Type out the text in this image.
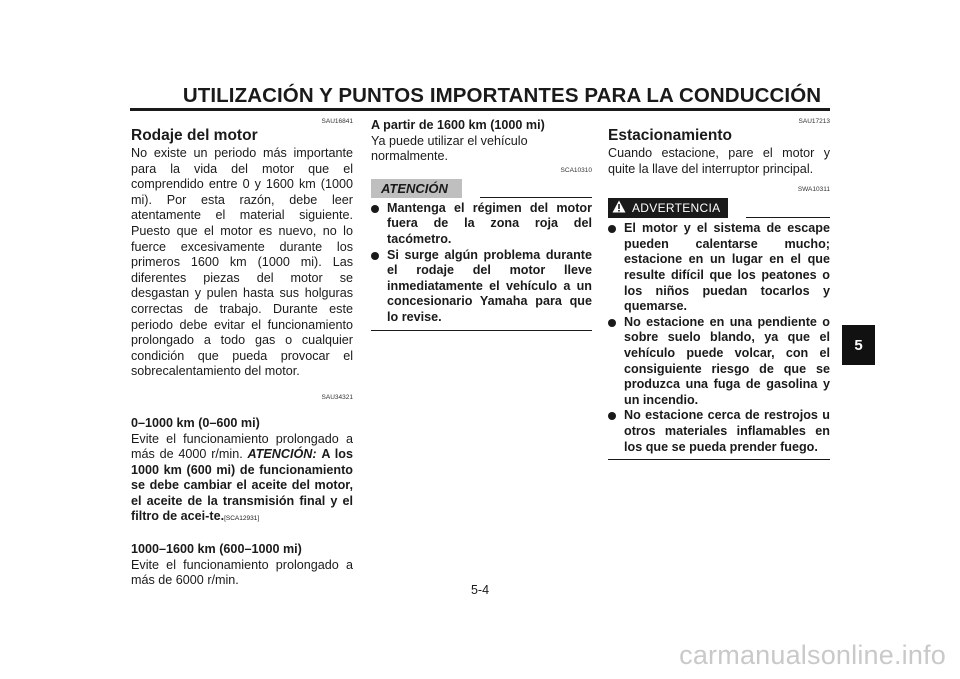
UTILIZACIÓN Y PUNTOS IMPORTANTES PARA LA CONDUCCIÓN
SAU16841
Rodaje del motor

No existe un periodo más importante para la vida del motor que el comprendido entre 0 y 1600 km (1000 mi). Por esta razón, debe leer atentamente el material siguiente. Puesto que el motor es nuevo, no lo fuerce excesivamente durante los primeros 1600 km (1000 mi). Las diferentes piezas del motor se desgastan y pulen hasta sus holguras correctas de trabajo. Durante este periodo debe evitar el funcionamiento prolongado a todo gas o cualquier condición que pueda provocar el sobrecalentamiento del motor.

SAU34321
0–1000 km (0–600 mi)

Evite el funcionamiento prolongado a más de 4000 r/min. ATENCIÓN: A los 1000 km (600 mi) de funcionamiento se debe cambiar el aceite del motor, el aceite de la transmisión final y el filtro de acei-te.[SCA12931]

1000–1600 km (600–1000 mi)

Evite el funcionamiento prolongado a más de 6000 r/min.

A partir de 1600 km (1000 mi)

Ya puede utilizar el vehículo normalmente.

SCA10310
ATENCIÓN
Mantenga el régimen del motor fuera de la zona roja del tacómetro.
Si surge algún problema durante el rodaje del motor lleve inmediatamente el vehículo a un concesionario Yamaha para que lo revise.
SAU17213
Estacionamiento

Cuando estacione, pare el motor y quite la llave del interruptor principal.

SWA10311
ADVERTENCIA
El motor y el sistema de escape pueden calentarse mucho; estacione en un lugar en el que resulte difícil que los peatones o los niños puedan tocarlos y quemarse.
No estacione en una pendiente o sobre suelo blando, ya que el vehículo puede volcar, con el consiguiente riesgo de que se produzca una fuga de gasolina y un incendio.
No estacione cerca de restrojos u otros materiales inflamables en los que se pueda prender fuego.
5
5-4
carmanualsonline.info
